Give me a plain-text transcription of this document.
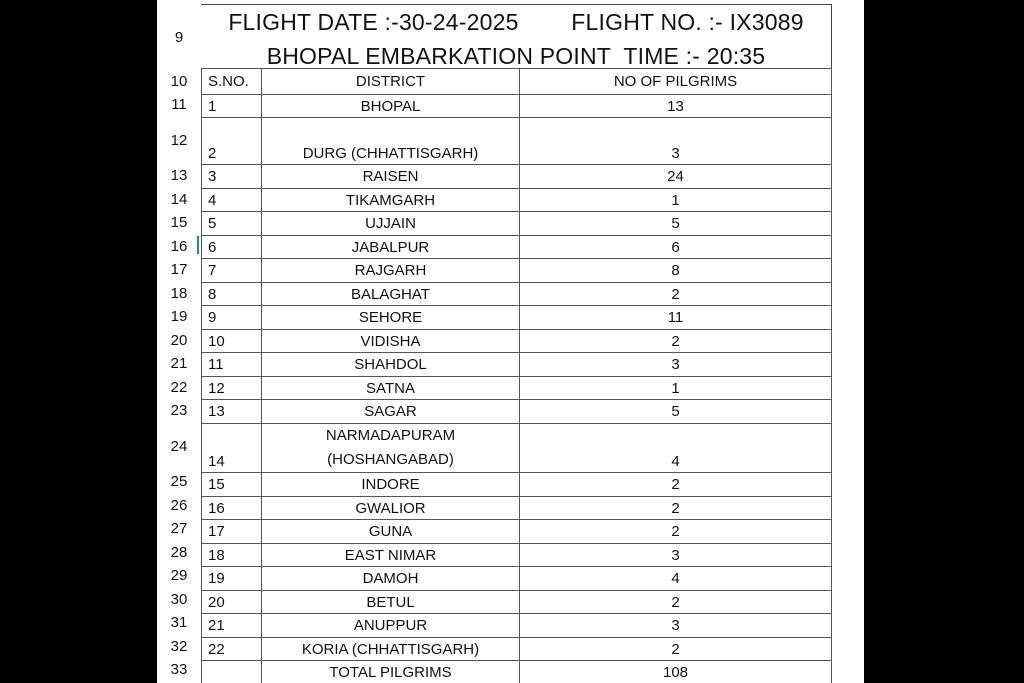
9
10
11
12
13
14
15
16
17
18
19
20
21
22
23
24
25
26
27
28
29
30
31
32
33
FLIGHT DATE :-30-24-2025        FLIGHT NO. :- IX3089
BHOPAL EMBARKATION POINT  TIME :- 20:35
S.NO.	DISTRICT	NO OF PILGRIMS
1	BHOPAL	13
2	DURG (CHHATTISGARH)	3
3	RAISEN	24
4	TIKAMGARH	1
5	UJJAIN	5
6	JABALPUR	6
7	RAJGARH	8
8	BALAGHAT	2
9	SEHORE	11
10	VIDISHA	2
11	SHAHDOL	3
12	SATNA	1
13	SAGAR	5
14	NARMADAPURAM (HOSHANGABAD)	4
15	INDORE	2
16	GWALIOR	2
17	GUNA	2
18	EAST NIMAR	3
19	DAMOH	4
20	BETUL	2
21	ANUPPUR	3
22	KORIA (CHHATTISGARH)	2
	TOTAL PILGRIMS	108
